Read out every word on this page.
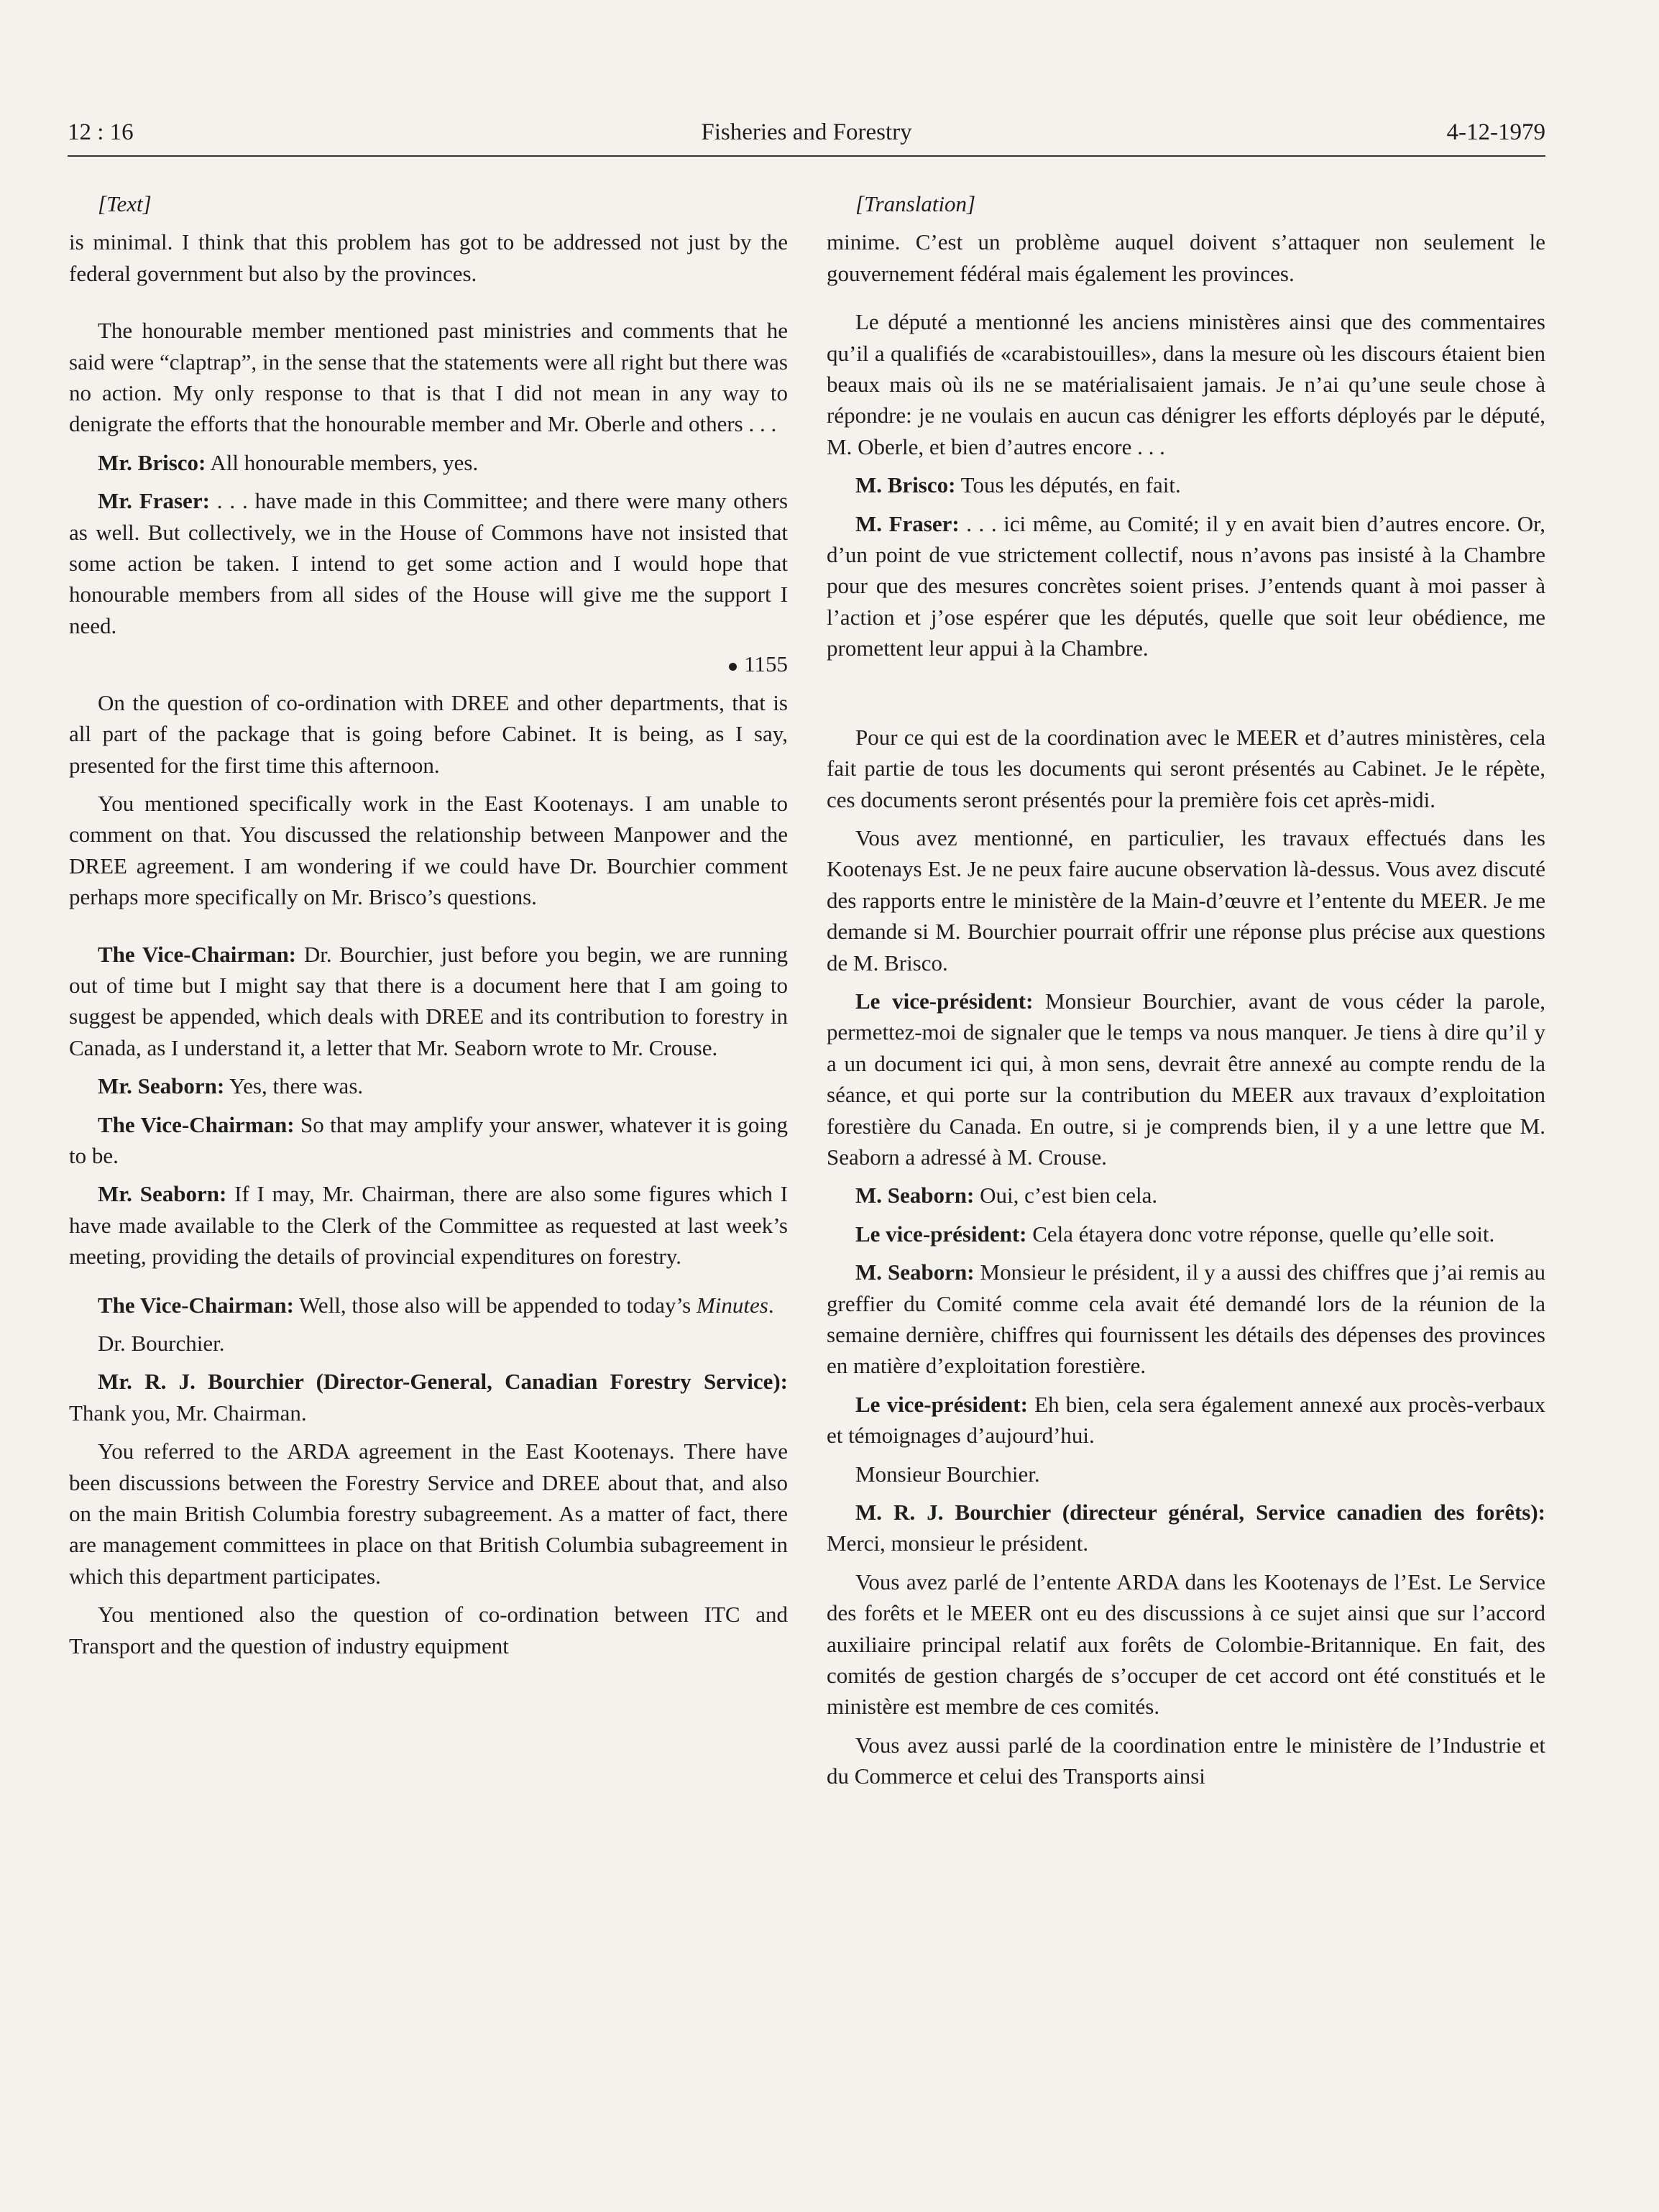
12 : 16	Fisheries and Forestry	4-12-1979

[Text]

is minimal. I think that this problem has got to be addressed not just by the federal government but also by the provinces.

The honourable member mentioned past ministries and comments that he said were “claptrap”, in the sense that the statements were all right but there was no action. My only response to that is that I did not mean in any way to denigrate the efforts that the honourable member and Mr. Oberle and others . . .

Mr. Brisco: All honourable members, yes.

Mr. Fraser: . . . have made in this Committee; and there were many others as well. But collectively, we in the House of Commons have not insisted that some action be taken. I intend to get some action and I would hope that honourable members from all sides of the House will give me the support I need.

1155

On the question of co-ordination with DREE and other departments, that is all part of the package that is going before Cabinet. It is being, as I say, presented for the first time this afternoon.

You mentioned specifically work in the East Kootenays. I am unable to comment on that. You discussed the relationship between Manpower and the DREE agreement. I am wondering if we could have Dr. Bourchier comment perhaps more specifically on Mr. Brisco’s questions.

The Vice-Chairman: Dr. Bourchier, just before you begin, we are running out of time but I might say that there is a document here that I am going to suggest be appended, which deals with DREE and its contribution to forestry in Canada, as I understand it, a letter that Mr. Seaborn wrote to Mr. Crouse.

Mr. Seaborn: Yes, there was.

The Vice-Chairman: So that may amplify your answer, whatever it is going to be.

Mr. Seaborn: If I may, Mr. Chairman, there are also some figures which I have made available to the Clerk of the Committee as requested at last week’s meeting, providing the details of provincial expenditures on forestry.

The Vice-Chairman: Well, those also will be appended to today’s Minutes.

Dr. Bourchier.

Mr. R. J. Bourchier (Director-General, Canadian Forestry Service): Thank you, Mr. Chairman.

You referred to the ARDA agreement in the East Kootenays. There have been discussions between the Forestry Service and DREE about that, and also on the main British Columbia forestry subagreement. As a matter of fact, there are management committees in place on that British Columbia subagreement in which this department participates.

You mentioned also the question of co-ordination between ITC and Transport and the question of industry equipment

[Translation]

minime. C’est un problème auquel doivent s’attaquer non seulement le gouvernement fédéral mais également les provinces.

Le député a mentionné les anciens ministères ainsi que des commentaires qu’il a qualifiés de «carabistouilles», dans la mesure où les discours étaient bien beaux mais où ils ne se matérialisaient jamais. Je n’ai qu’une seule chose à répondre: je ne voulais en aucun cas dénigrer les efforts déployés par le député, M. Oberle, et bien d’autres encore . . .

M. Brisco: Tous les députés, en fait.

M. Fraser: . . . ici même, au Comité; il y en avait bien d’autres encore. Or, d’un point de vue strictement collectif, nous n’avons pas insisté à la Chambre pour que des mesures concrètes soient prises. J’entends quant à moi passer à l’action et j’ose espérer que les députés, quelle que soit leur obédience, me promettent leur appui à la Chambre.

Pour ce qui est de la coordination avec le MEER et d’autres ministères, cela fait partie de tous les documents qui seront présentés au Cabinet. Je le répète, ces documents seront présentés pour la première fois cet après-midi.

Vous avez mentionné, en particulier, les travaux effectués dans les Kootenays Est. Je ne peux faire aucune observation là-dessus. Vous avez discuté des rapports entre le ministère de la Main-d’œuvre et l’entente du MEER. Je me demande si M. Bourchier pourrait offrir une réponse plus précise aux questions de M. Brisco.

Le vice-président: Monsieur Bourchier, avant de vous céder la parole, permettez-moi de signaler que le temps va nous manquer. Je tiens à dire qu’il y a un document ici qui, à mon sens, devrait être annexé au compte rendu de la séance, et qui porte sur la contribution du MEER aux travaux d’exploitation forestière du Canada. En outre, si je comprends bien, il y a une lettre que M. Seaborn a adressé à M. Crouse.

M. Seaborn: Oui, c’est bien cela.

Le vice-président: Cela étayera donc votre réponse, quelle qu’elle soit.

M. Seaborn: Monsieur le président, il y a aussi des chiffres que j’ai remis au greffier du Comité comme cela avait été demandé lors de la réunion de la semaine dernière, chiffres qui fournissent les détails des dépenses des provinces en matière d’exploitation forestière.

Le vice-président: Eh bien, cela sera également annexé aux procès-verbaux et témoignages d’aujourd’hui.

Monsieur Bourchier.

M. R. J. Bourchier (directeur général, Service canadien des forêts): Merci, monsieur le président.

Vous avez parlé de l’entente ARDA dans les Kootenays de l’Est. Le Service des forêts et le MEER ont eu des discussions à ce sujet ainsi que sur l’accord auxiliaire principal relatif aux forêts de Colombie-Britannique. En fait, des comités de gestion chargés de s’occuper de cet accord ont été constitués et le ministère est membre de ces comités.

Vous avez aussi parlé de la coordination entre le ministère de l’Industrie et du Commerce et celui des Transports ainsi
